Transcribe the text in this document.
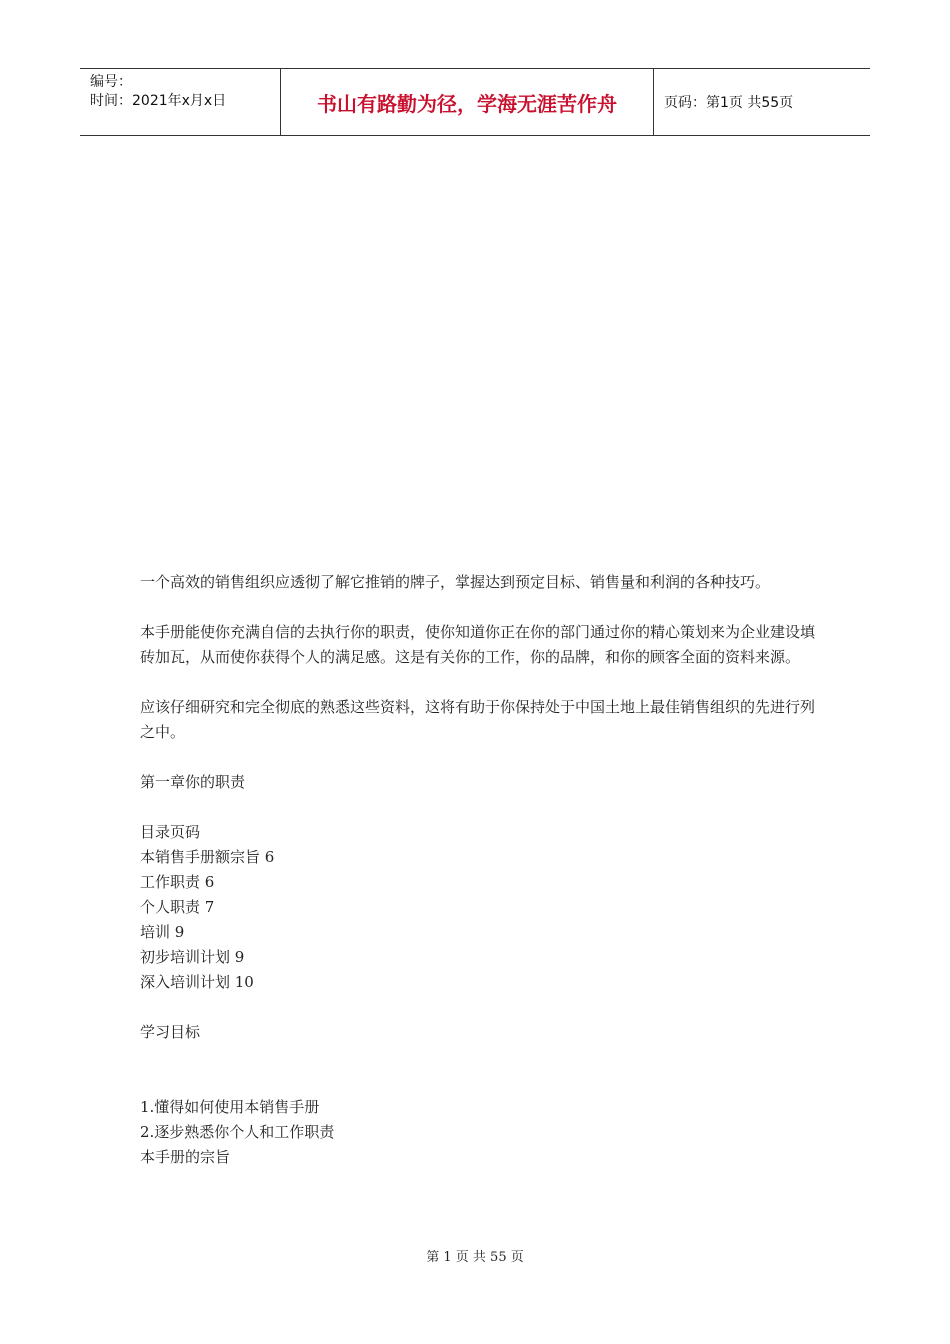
编号：
时间：2021年x月x日	书山有路勤为径，学海无涯苦作舟	页码：第1页 共55页

一个高效的销售组织应透彻了解它推销的牌子，掌握达到预定目标、销售量和利润的各种技巧。

本手册能使你充满自信的去执行你的职责，使你知道你正在你的部门通过你的精心策划来为企业建设填砖加瓦，从而使你获得个人的满足感。这是有关你的工作，你的品牌，和你的顾客全面的资料来源。

应该仔细研究和完全彻底的熟悉这些资料，这将有助于你保持处于中国土地上最佳销售组织的先进行列之中。

第一章你的职责

目录页码

本销售手册额宗旨 6

工作职责 6

个人职责 7

培训 9

初步培训计划 9

深入培训计划 10

学习目标

1.懂得如何使用本销售手册

2.逐步熟悉你个人和工作职责

本手册的宗旨

第 1 页 共 55 页
